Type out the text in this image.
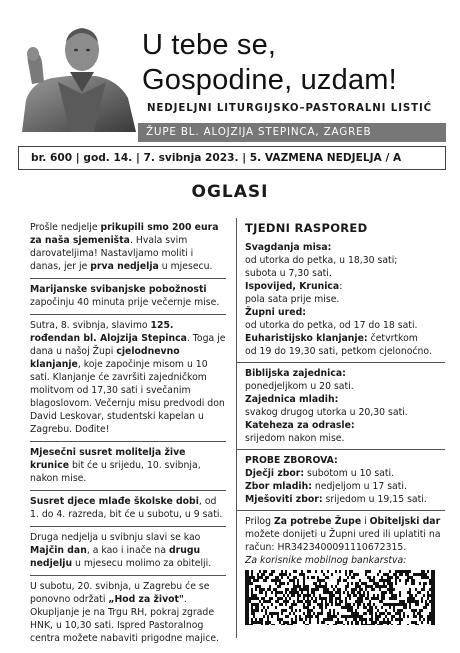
U tebe se,
Gospodine, uzdam!
NEDJELJNI LITURGIJSKO–PASTORALNI LISTIĆ
ŽUPE BL. ALOJZIJA STEPINCA, ZAGREB
br. 600 | god. 14. | 7. svibnja 2023. | 5. VAZMENA NEDJELJA / A
OGLASI
Prošle nedjelje prikupili smo 200 eura za naša sjemeništa. Hvala svim darovateljima! Nastavljamo moliti i danas, jer je prva nedjelja u mjesecu.
Marijanske svibanjske pobožnosti započinju 40 minuta prije večernje mise.
Sutra, 8. svibnja, slavimo 125. rođendan bl. Alojzija Stepinca. Toga je dana u našoj Župi cjelodnevno klanjanje, koje započinje misom u 10 sati. Klanjanje će završiti zajedničkom molitvom od 17,30 sati i svečanim blagoslovom. Večernju misu predvodi don David Leskovar, studentski kapelan u Zagrebu. Dođite!
Mjesečni susret molitelja žive krunice bit će u srijedu, 10. svibnja, nakon mise.
Susret djece mlađe školske dobi, od 1. do 4. razreda, bit će u subotu, u 9 sati.
Druga nedjelja u svibnju slavi se kao Majčin dan, a kao i inače na drugu nedjelju u mjesecu molimo za obitelji.
U subotu, 20. svibnja, u Zagrebu će se ponovno održati „Hod za život". Okupljanje je na Trgu RH, pokraj zgrade HNK, u 10,30 sati. Ispred Pastoralnog centra možete nabaviti prigodne majice.
TJEDNI RASPORED
Svagdanja misa:
od utorka do petka, u 18,30 sati;
subota u 7,30 sati.
Ispovijed, Krunica:
pola sata prije mise.
Župni ured:
od utorka do petka, od 17 do 18 sati.
Euharistijsko klanjanje: četvrtkom
od 19 do 19,30 sati, petkom cjelonoćno.
Biblijska zajednica:
ponedjeljkom u 20 sati.
Zajednica mladih:
svakog drugog utorka u 20,30 sati.
Kateheza za odrasle:
srijedom nakon mise.
PROBE ZBOROVA:
Dječji zbor: subotom u 10 sati.
Zbor mladih: nedjeljom u 17 sati.
Mješoviti zbor: srijedom u 19,15 sati.
Prilog Za potrebe Župe i Obiteljski dar možete donijeti u Župni ured ili uplatiti na račun: HR3423400091110672315.
Za korisnike mobilnog bankarstva:
